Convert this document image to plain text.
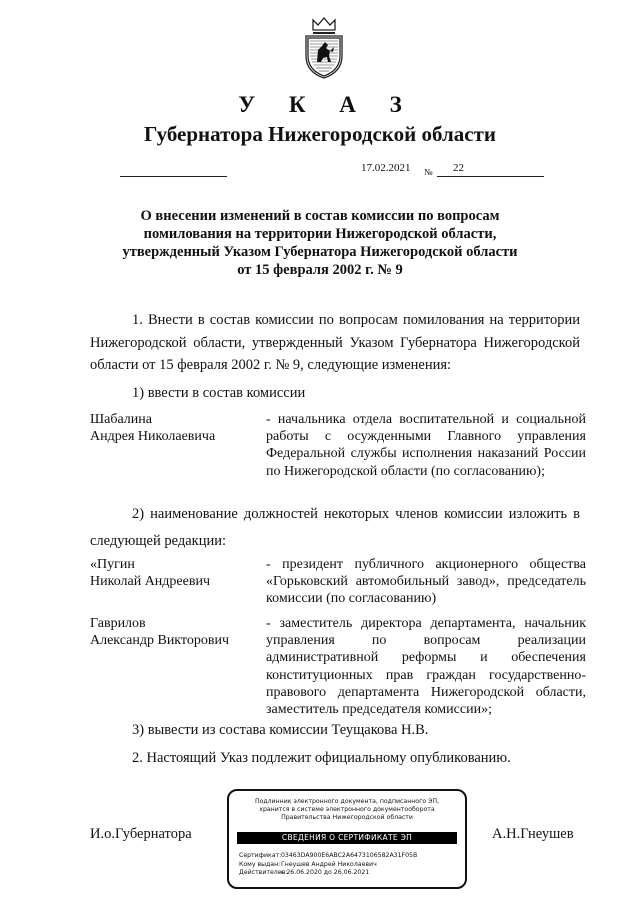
У К А З
Губернатора Нижегородской области
17.02.2021 № 22
О внесении изменений в состав комиссии по вопросам
помилования на территории Нижегородской области,
утвержденный Указом Губернатора Нижегородской области
от 15 февраля 2002 г. № 9
1. Внести в состав комиссии по вопросам помилования на территории Нижегородской области, утвержденный Указом Губернатора Нижегородской области от 15 февраля 2002 г. № 9, следующие изменения:
1) ввести в состав комиссии
Шабалина
Андрея Николаевича
- начальника отдела воспитательной и социальной работы с осужденными Главного управления Федеральной службы исполнения наказаний России по Нижегородской области (по согласованию);
2) наименование должностей некоторых членов комиссии изложить в следующей редакции:
«Пугин
Николай Андреевич
- президент публичного акционерного общества «Горьковский автомобильный завод», председатель комиссии (по согласованию)
Гаврилов
Александр Викторович
- заместитель директора департамента, начальник управления по вопросам реализации административной реформы и обеспечения конституционных прав граждан государственно-правового департамента Нижегородской области, заместитель председателя комиссии»;
3) вывести из состава комиссии Теущакова Н.В.
2. Настоящий Указ подлежит официальному опубликованию.
И.о.Губернатора	А.Н.Гнеушев
Подлинник электронного документа, подписанного ЭП,
хранится в системе электронного документооборота
Правительства Нижегородской области
СВЕДЕНИЯ О СЕРТИФИКАТЕ ЭП
Сертификат:03463DA900E6ABC2A6473106582A31F05B
Кому выдан:Гнеушев Андрей Николаевич
Действителен:с 26.06.2020 до 26.06.2021
